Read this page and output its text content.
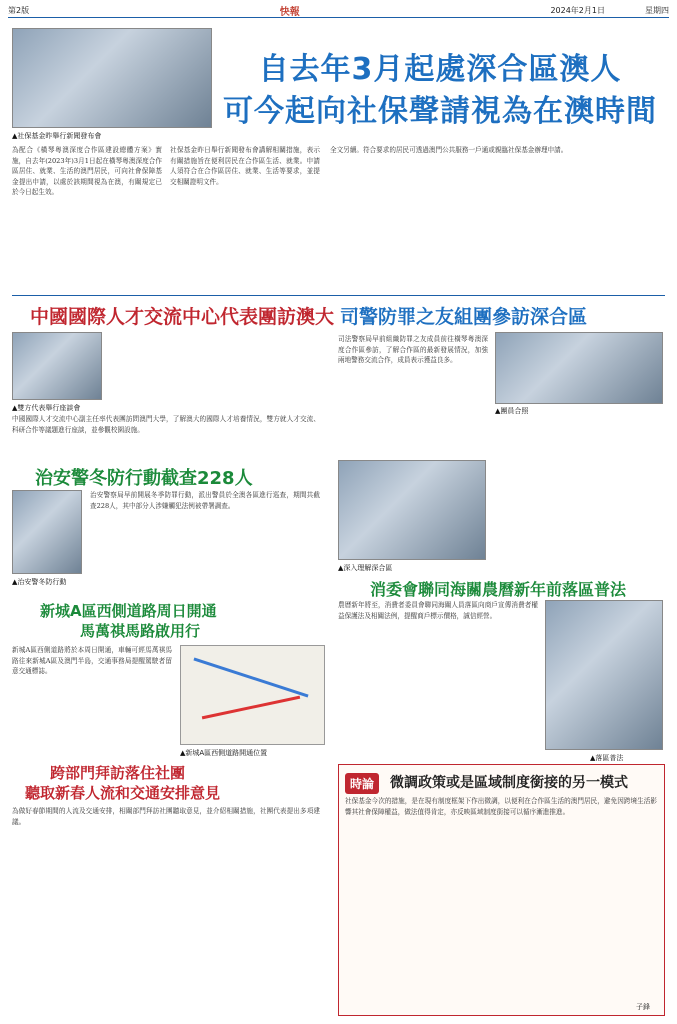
第2版	快報	2024年2月1日	星期四
▲社保基金昨舉行新聞發布會
自去年3月起處深合區澳人
可今起向社保聲請視為在澳時間
為配合《橫琴粵澳深度合作區建設總體方案》實施，自去年(2023年)3月1日起在橫琴粵澳深度合作區居住、就業、生活的澳門居民，可向社會保障基金提出申請，以處於該期間視為在澳，有關規定已於今日起生效。
社保基金昨日舉行新聞發布會講解相關措施，表示有關措施旨在便利居民在合作區生活、就業。申請人須符合在合作區居住、就業、生活等要求，並提交相關證明文件。
全文另續。符合要求的居民可透過澳門公共服務一戶通或親臨社保基金辦理申請。
中國國際人才交流中心代表團訪澳大
▲雙方代表舉行座談會
中國國際人才交流中心副主任率代表團訪問澳門大學，了解澳大的國際人才培養情況，雙方就人才交流、科研合作等議題進行座談，並參觀校園設施。
司警防罪之友組團參訪深合區
司法警察局早前組織防罪之友成員前往橫琴粵澳深度合作區參訪，了解合作區的最新發展情況，加強兩地警務交流合作，成員表示獲益良多。
▲團員合照
治安警冬防行動截查228人
▲治安警冬防行動
治安警察局早前開展冬季防罪行動，派出警員於全澳各區進行巡查，期間共截查228人，其中部分人涉嫌觸犯法例被帶署調查。
▲深入理解深合區
消委會聯同海關農曆新年前落區普法
農曆新年將至，消費者委員會聯同海關人員落區向商戶宣傳消費者權益保護法及相關法例，提醒商戶標示價格，誠信經營。
▲落區普法
新城A區西側道路周日開通
馬萬祺馬路啟用行
新城A區西側道路將於本周日開通，車輛可經馬萬祺馬路往來新城A區及澳門半島，交通事務局提醒駕駛者留意交通標誌。
▲新城A區西側道路開通位置
跨部門拜訪落住社團
聽取新春人流和交通安排意見
為做好春節期間的人流及交通安排，相關部門拜訪社團聽取意見，並介紹相關措施，社團代表提出多項建議。
時論	微調政策或是區域制度銜接的另一模式
社保基金今次的措施，是在現有制度框架下作出微調，以便利在合作區生活的澳門居民，避免因跨境生活影響其社會保障權益，做法值得肯定，亦反映區域制度銜接可以循序漸進推進。
子鋒
